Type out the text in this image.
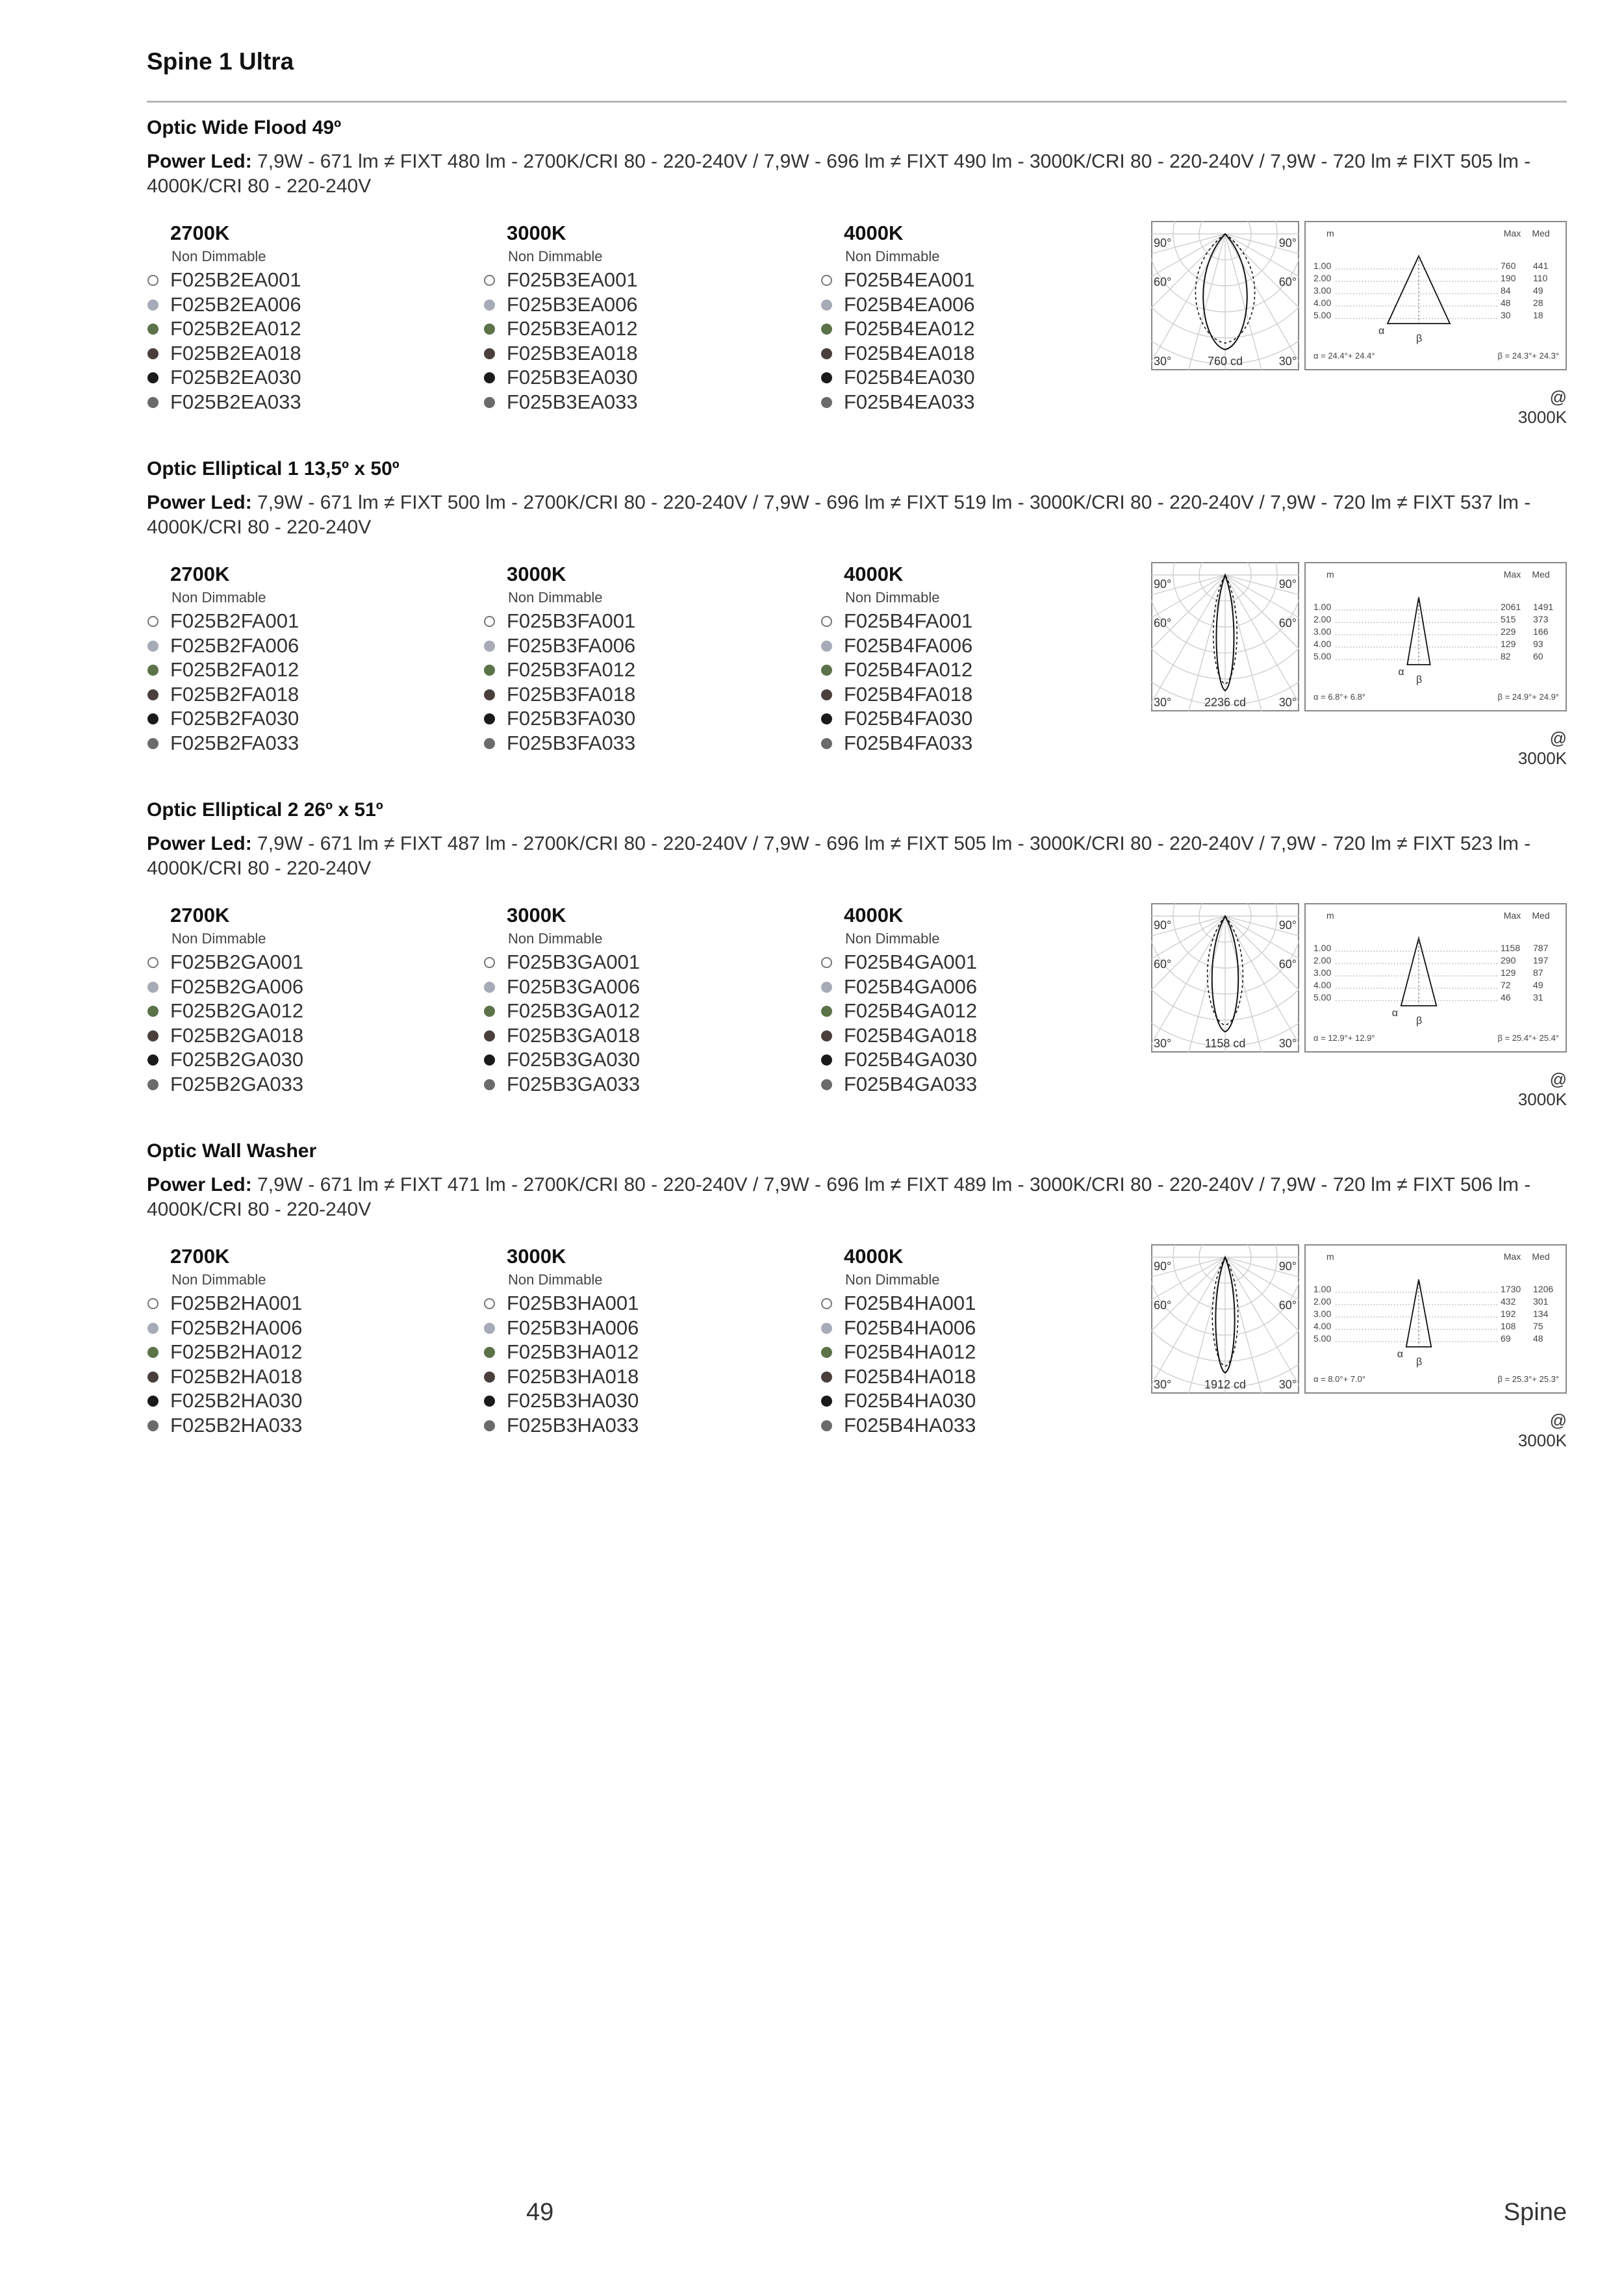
Spine 1 Ultra
Optic Wide Flood 49º
Power Led: 7,9W - 671 lm ≠ FIXT 480 lm - 2700K/CRI 80 - 220-240V / 7,9W - 696 lm ≠ FIXT 490 lm - 3000K/CRI 80 - 220-240V / 7,9W - 720 lm ≠ FIXT 505 lm - 4000K/CRI 80 - 220-240V
2700K
Non Dimmable
F025B2EA001
F025B2EA006
F025B2EA012
F025B2EA018
F025B2EA030
F025B2EA033
3000K
Non Dimmable
F025B3EA001
F025B3EA006
F025B3EA012
F025B3EA018
F025B3EA030
F025B3EA033
4000K
Non Dimmable
F025B4EA001
F025B4EA006
F025B4EA012
F025B4EA018
F025B4EA030
F025B4EA033
90°	90°
60°	60°
30°	30°
760 cd
m	Max Med
1.00	760 441
2.00	190 110
3.00	84 49
4.00	48 28
5.00	30 18
α
β
α = 24.4°+ 24.4°	β = 24.3°+ 24.3°
@ 3000K
Optic Elliptical 1 13,5º x 50º
Power Led: 7,9W - 671 lm ≠ FIXT 500 lm - 2700K/CRI 80 - 220-240V / 7,9W - 696 lm ≠ FIXT 519 lm - 3000K/CRI 80 - 220-240V / 7,9W - 720 lm ≠ FIXT 537 lm - 4000K/CRI 80 - 220-240V
2700K
Non Dimmable
F025B2FA001
F025B2FA006
F025B2FA012
F025B2FA018
F025B2FA030
F025B2FA033
3000K
Non Dimmable
F025B3FA001
F025B3FA006
F025B3FA012
F025B3FA018
F025B3FA030
F025B3FA033
4000K
Non Dimmable
F025B4FA001
F025B4FA006
F025B4FA012
F025B4FA018
F025B4FA030
F025B4FA033
90°	90°
60°	60°
30°	30°
2236 cd
m	Max Med
1.00	2061 1491
2.00	515 373
3.00	229 166
4.00	129 93
5.00	82 60
α
β
α = 6.8°+ 6.8°	β = 24.9°+ 24.9°
@ 3000K
Optic Elliptical 2 26º x 51º
Power Led: 7,9W - 671 lm ≠ FIXT 487 lm - 2700K/CRI 80 - 220-240V / 7,9W - 696 lm ≠ FIXT 505 lm - 3000K/CRI 80 - 220-240V / 7,9W - 720 lm ≠ FIXT 523 lm - 4000K/CRI 80 - 220-240V
2700K
Non Dimmable
F025B2GA001
F025B2GA006
F025B2GA012
F025B2GA018
F025B2GA030
F025B2GA033
3000K
Non Dimmable
F025B3GA001
F025B3GA006
F025B3GA012
F025B3GA018
F025B3GA030
F025B3GA033
4000K
Non Dimmable
F025B4GA001
F025B4GA006
F025B4GA012
F025B4GA018
F025B4GA030
F025B4GA033
90°	90°
60°	60°
30°	30°
1158 cd
m	Max Med
1.00	1158 787
2.00	290 197
3.00	129 87
4.00	72 49
5.00	46 31
α
β
α = 12.9°+ 12.9°	β = 25.4°+ 25.4°
@ 3000K
Optic Wall Washer
Power Led: 7,9W - 671 lm ≠ FIXT 471 lm - 2700K/CRI 80 - 220-240V / 7,9W - 696 lm ≠ FIXT 489 lm - 3000K/CRI 80 - 220-240V / 7,9W - 720 lm ≠ FIXT 506 lm - 4000K/CRI 80 - 220-240V
2700K
Non Dimmable
F025B2HA001
F025B2HA006
F025B2HA012
F025B2HA018
F025B2HA030
F025B2HA033
3000K
Non Dimmable
F025B3HA001
F025B3HA006
F025B3HA012
F025B3HA018
F025B3HA030
F025B3HA033
4000K
Non Dimmable
F025B4HA001
F025B4HA006
F025B4HA012
F025B4HA018
F025B4HA030
F025B4HA033
90°	90°
60°	60°
30°	30°
1912 cd
m	Max Med
1.00	1730 1206
2.00	432 301
3.00	192 134
4.00	108 75
5.00	69 48
α
β
α = 8.0°+ 7.0°	β = 25.3°+ 25.3°
@ 3000K
49	Spine
